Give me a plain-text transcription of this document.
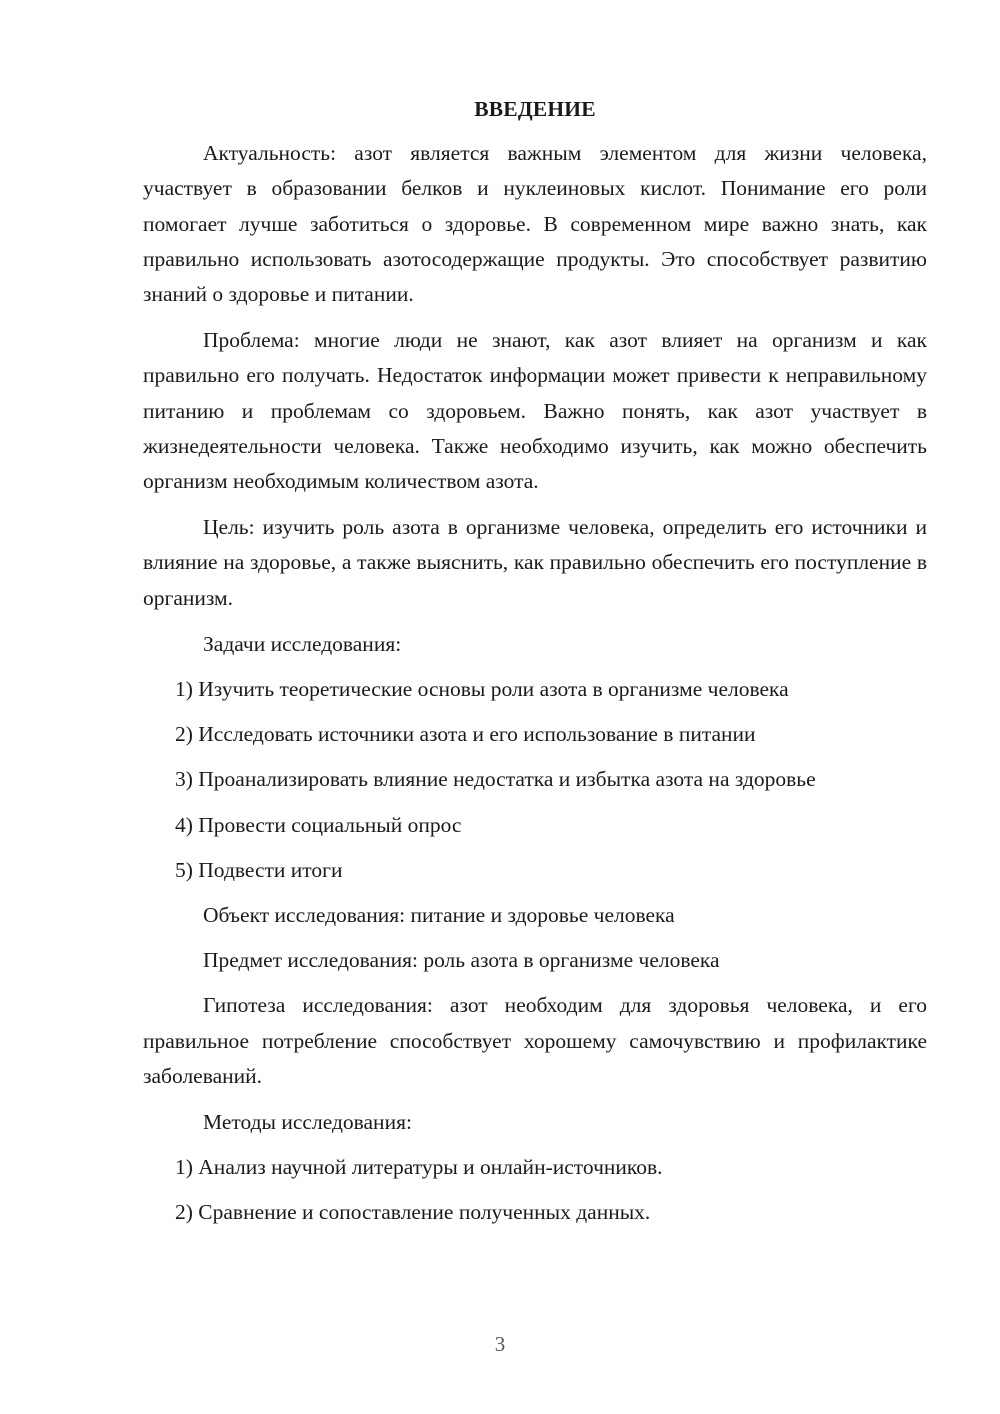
ВВЕДЕНИЕ

Актуальность: азот является важным элементом для жизни человека, участвует в образовании белков и нуклеиновых кислот. Понимание его роли помогает лучше заботиться о здоровье. В современном мире важно знать, как правильно использовать азотосодержащие продукты. Это способствует развитию знаний о здоровье и питании.

Проблема: многие люди не знают, как азот влияет на организм и как правильно его получать. Недостаток информации может привести к неправильному питанию и проблемам со здоровьем. Важно понять, как азот участвует в жизнедеятельности человека. Также необходимо изучить, как можно обеспечить организм необходимым количеством азота.

Цель: изучить роль азота в организме человека, определить его источники и влияние на здоровье, а также выяснить, как правильно обеспечить его поступление в организм.

Задачи исследования:
1) Изучить теоретические основы роли азота в организме человека
2) Исследовать источники азота и его использование в питании
3) Проанализировать влияние недостатка и избытка азота на здоровье
4) Провести социальный опрос
5) Подвести итоги
Объект исследования: питание и здоровье человека
Предмет исследования: роль азота в организме человека

Гипотеза исследования: азот необходим для здоровья человека, и его правильное потребление способствует хорошему самочувствию и профилактике заболеваний.

Методы исследования:
1) Анализ научной литературы и онлайн-источников.
2) Сравнение и сопоставление полученных данных.
3
